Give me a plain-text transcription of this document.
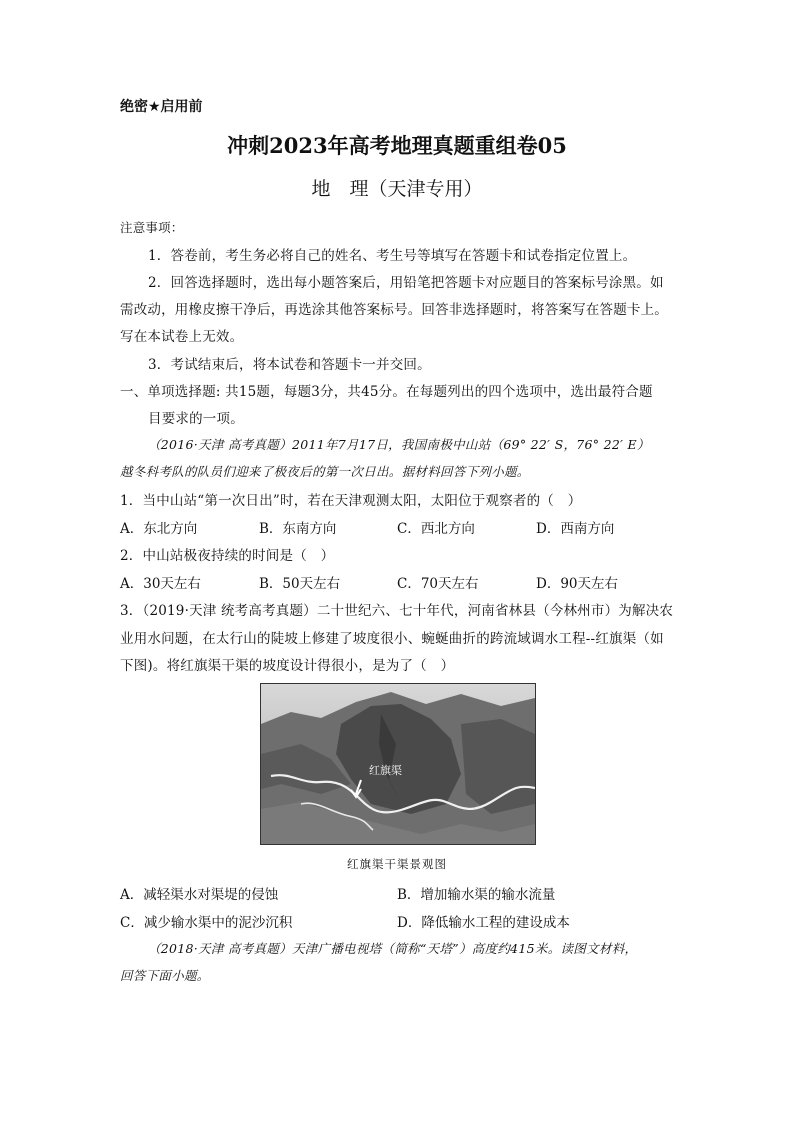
绝密★启用前
冲刺2023年高考地理真题重组卷05
地　理（天津专用）
注意事项：
1．答卷前，考生务必将自己的姓名、考生号等填写在答题卡和试卷指定位置上。
2．回答选择题时，选出每小题答案后，用铅笔把答题卡对应题目的答案标号涂黑。如
需改动，用橡皮擦干净后，再选涂其他答案标号。回答非选择题时，将答案写在答题卡上。
写在本试卷上无效。
3．考试结束后，将本试卷和答题卡一并交回。
一、单项选择题: 共15题，每题3分，共45分。在每题列出的四个选项中，选出最符合题
目要求的一项。
（2016·天津 高考真题）2011年7月17日，我国南极中山站（69° 22′ S，76° 22′ E）
越冬科考队的队员们迎来了极夜后的第一次日出。据材料回答下列小题。
1．当中山站“第一次日出”时，若在天津观测太阳，太阳位于观察者的（　）
A．东北方向	B．东南方向	C．西北方向	D．西南方向
2．中山站极夜持续的时间是（　）
A．30天左右	B．50天左右	C．70天左右	D．90天左右
3．（2019·天津 统考高考真题）二十世纪六、七十年代，河南省林县（今林州市）为解决农
业用水问题，在太行山的陡坡上修建了坡度很小、蜿蜒曲折的跨流域调水工程--红旗渠（如
下图)。将红旗渠干渠的坡度设计得很小，是为了（　）
红旗渠
红旗渠干渠景观图
A．减轻渠水对渠堤的侵蚀	B．增加输水渠的输水流量
C．减少输水渠中的泥沙沉积	D．降低输水工程的建设成本
（2018·天津 高考真题）天津广播电视塔（简称“天塔”）高度约415米。读图文材料，
回答下面小题。
